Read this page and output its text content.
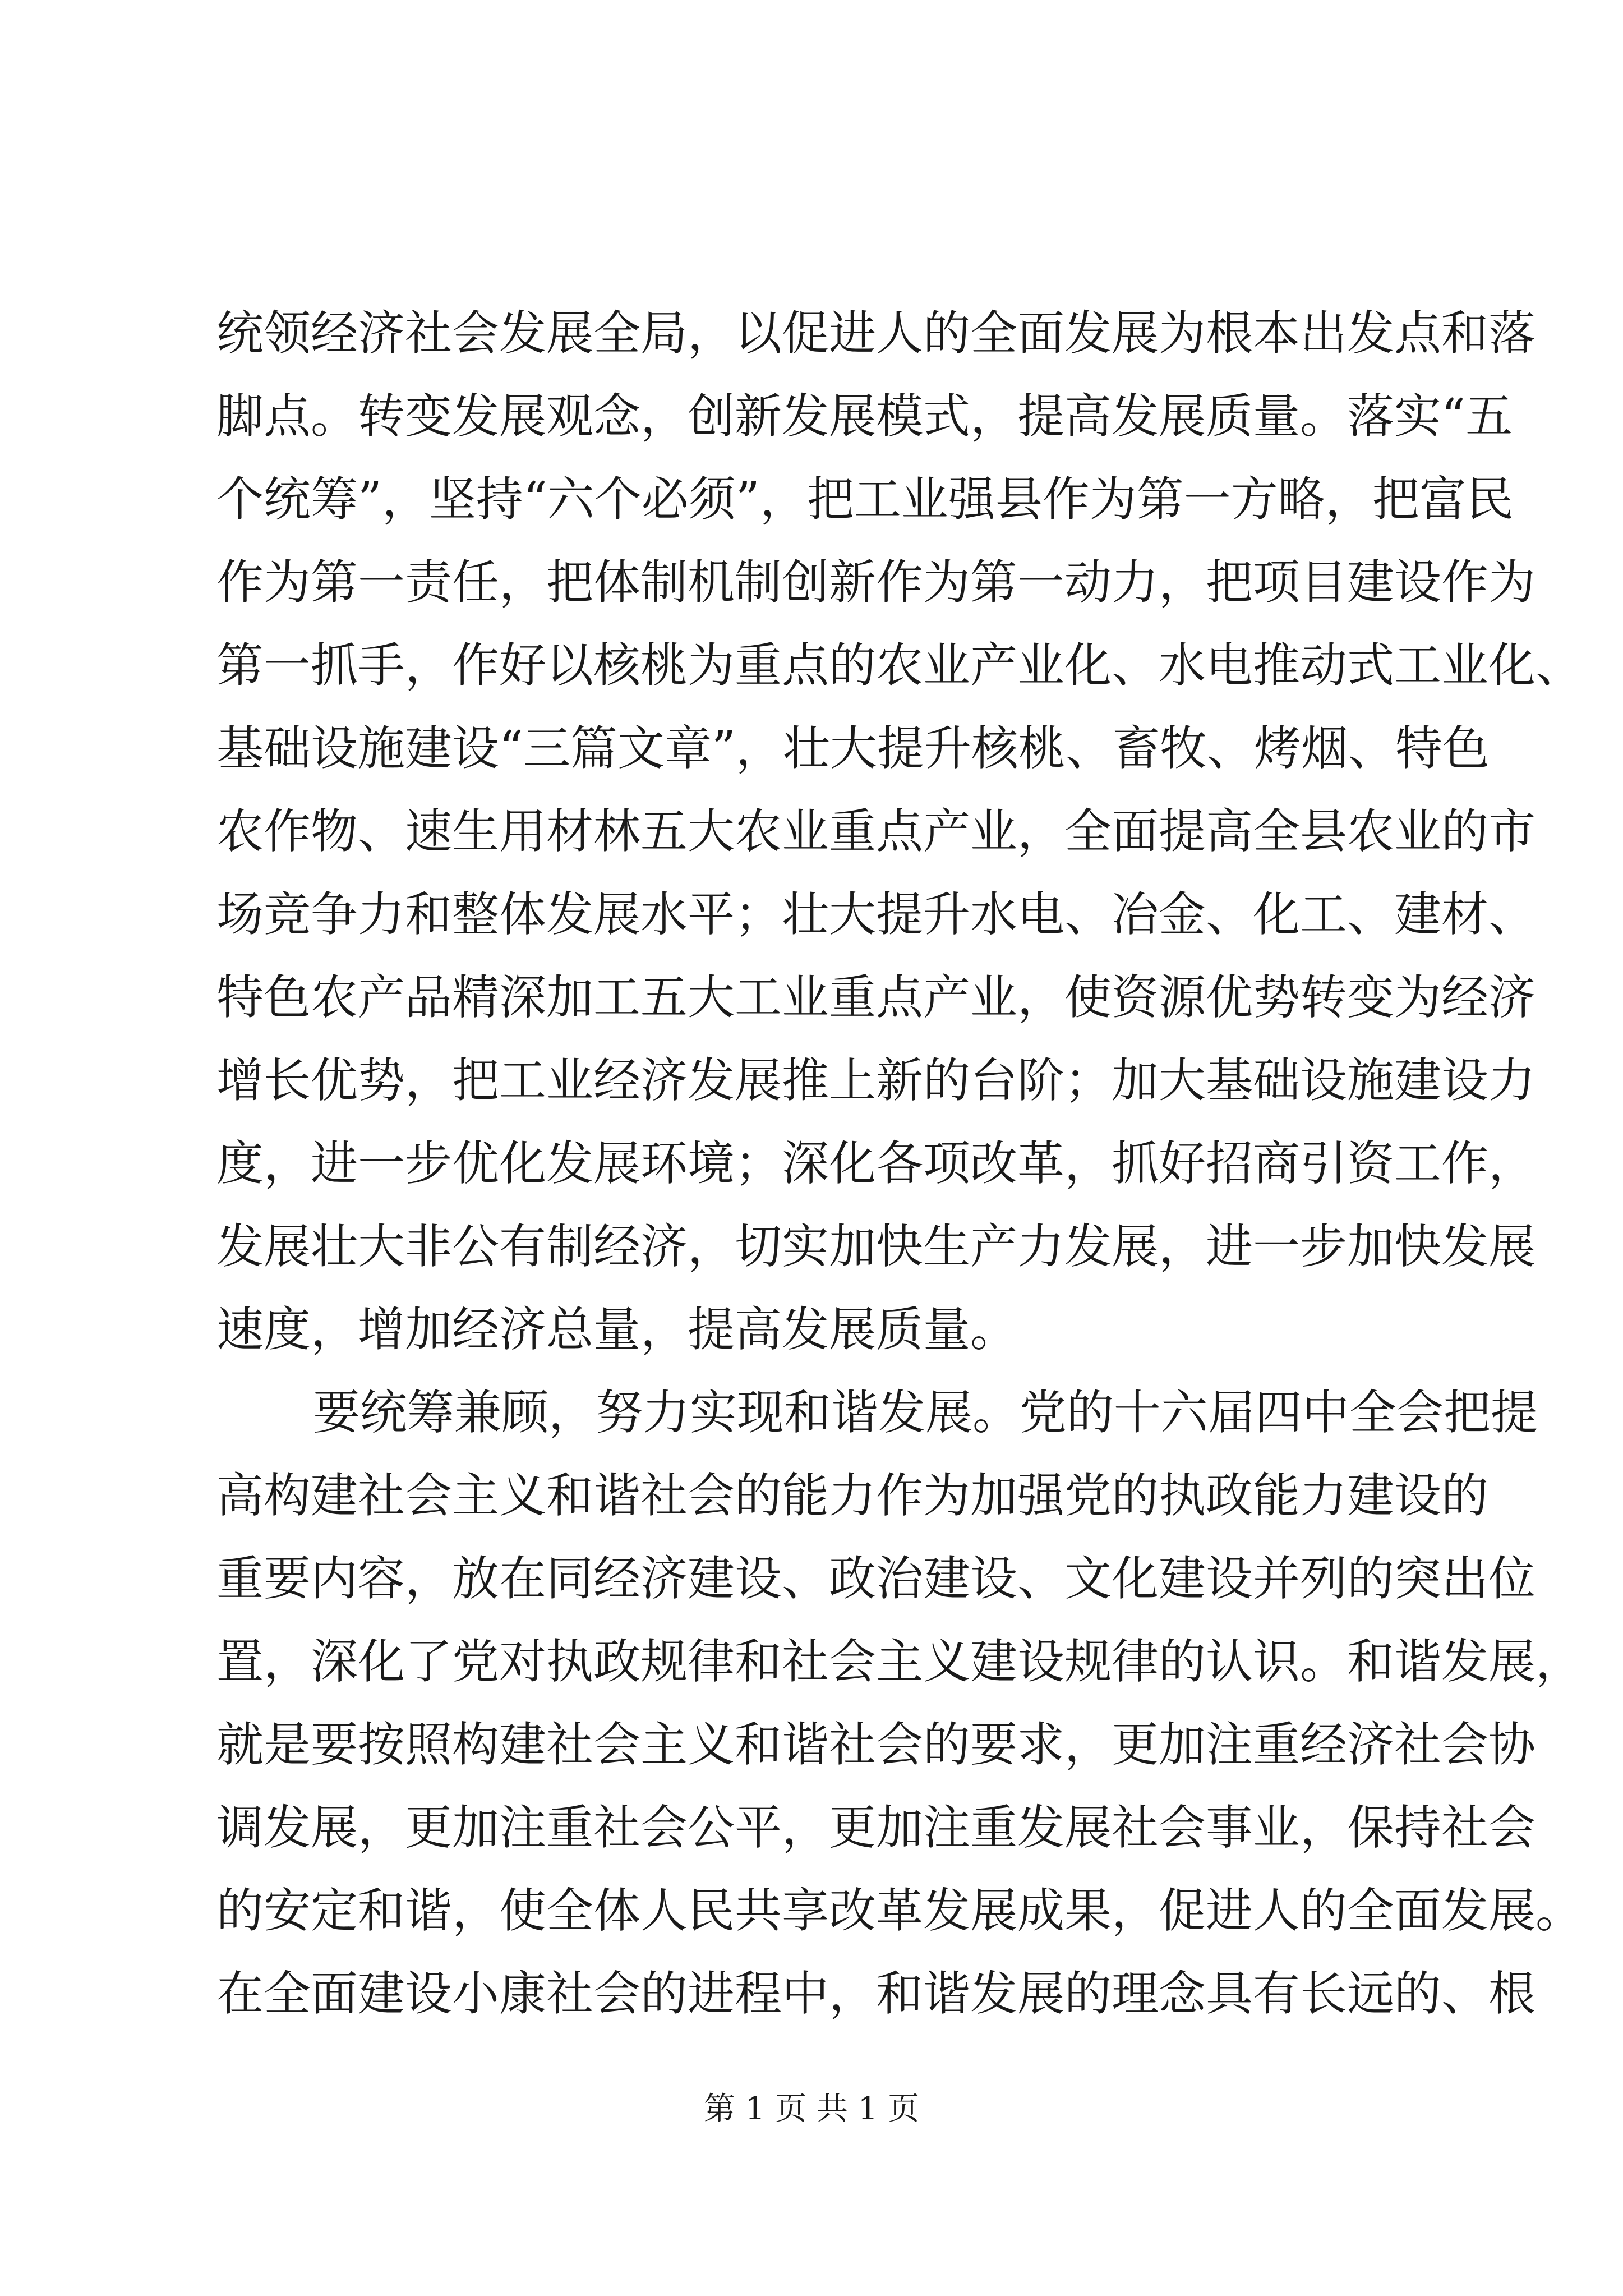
统领经济社会发展全局，以促进人的全面发展为根本出发点和落
脚点。转变发展观念，创新发展模式，提高发展质量。落实“五
个统筹”，坚持“六个必须”，把工业强县作为第一方略，把富民
作为第一责任，把体制机制创新作为第一动力，把项目建设作为
第一抓手，作好以核桃为重点的农业产业化、水电推动式工业化、
基础设施建设“三篇文章”，壮大提升核桃、畜牧、烤烟、特色
农作物、速生用材林五大农业重点产业，全面提高全县农业的市
场竞争力和整体发展水平；壮大提升水电、冶金、化工、建材、
特色农产品精深加工五大工业重点产业，使资源优势转变为经济
增长优势，把工业经济发展推上新的台阶；加大基础设施建设力
度，进一步优化发展环境；深化各项改革，抓好招商引资工作，
发展壮大非公有制经济，切实加快生产力发展，进一步加快发展
速度，增加经济总量，提高发展质量。
要统筹兼顾，努力实现和谐发展。党的十六届四中全会把提
高构建社会主义和谐社会的能力作为加强党的执政能力建设的
重要内容，放在同经济建设、政治建设、文化建设并列的突出位
置，深化了党对执政规律和社会主义建设规律的认识。和谐发展，
就是要按照构建社会主义和谐社会的要求，更加注重经济社会协
调发展，更加注重社会公平，更加注重发展社会事业，保持社会
的安定和谐，使全体人民共享改革发展成果，促进人的全面发展。
在全面建设小康社会的进程中，和谐发展的理念具有长远的、根
第 1 页 共 1 页
